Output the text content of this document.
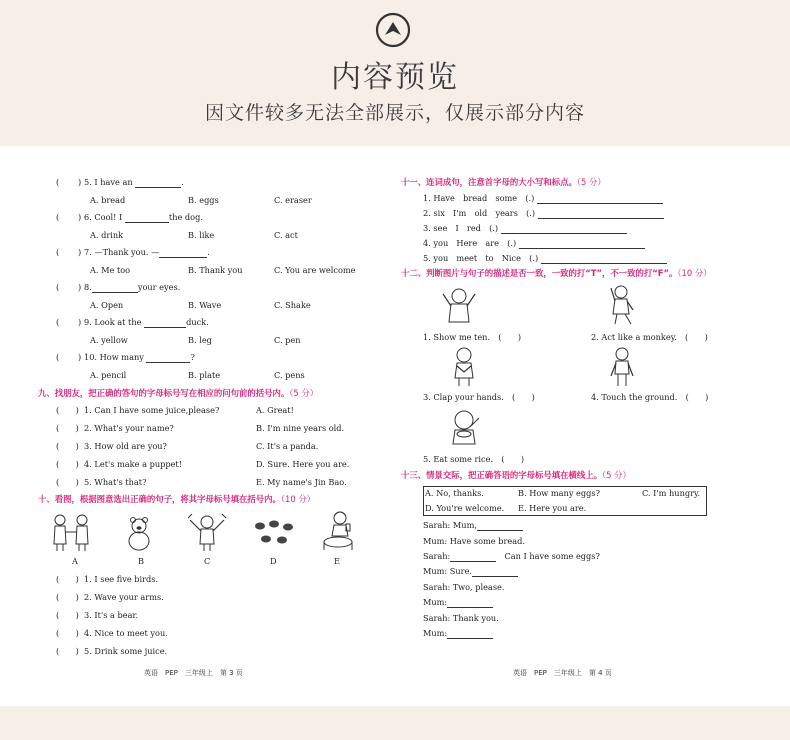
内容预览
因文件较多无法全部展示，仅展示部分内容
( ) 5. I have an	.
A. bread	B. eggs	C. eraser
( ) 6. Cool! I	the dog.
A. drink	B. like	C. act
( ) 7. —Thank you. —	.
A. Me too	B. Thank you	C. You are welcome
( ) 8.	your eyes.
A. Open	B. Wave	C. Shake
( ) 9. Look at the	duck.
A. yellow	B. leg	C. pen
( ) 10. How many	?
A. pencil	B. plate	C. pens
九、找朋友，把正确的答句的字母标号写在相应的问句前的括号内。（5 分）
(　　) 1. Can I have some juice,please?	A. Great!
(　　) 2. What's your name?	B. I'm nine years old.
(　　) 3. How old are you?	C. It's a panda.
(　　) 4. Let's make a puppet!	D. Sure. Here you are.
(　　) 5. What's that?	E. My name's Jin Bao.
十、看图，根据图意选出正确的句子，将其字母标号填在括号内。（10 分）
A	B	C	D	E
(　　) 1. I see five birds.
(　　) 2. Wave your arms.
(　　) 3. It's a bear.
(　　) 4. Nice to meet you.
(　　) 5. Drink some juice.
英语　PEP　三年级上　第 3 页
十一、连词成句，注意首字母的大小写和标点。（5 分）
1. Have　bread　some　(.)
2. six　I'm　old　years　(.)
3. see　I　red　(.)
4. you　Here　are　(.)
5. you　meet　to　Nice　(.)
十二、判断图片与句子的描述是否一致，一致的打“T”，不一致的打“F”。（10 分）
1. Show me ten.　(　　)	2. Act like a monkey.　(　　)
3. Clap your hands.　(　　)	4. Touch the ground.　(　　)
5. Eat some rice.　(　　)
十三、情景交际，把正确答语的字母标号填在横线上。（5 分）
A. No, thanks.	B. How many eggs?	C. I'm hungry.
D. You're welcome. E. Here you are.
Sarah: Mum,
Mum: Have some bread.
Sarah:	　Can I have some eggs?
Mum: Sure.
Sarah: Two, please.
Mum:
Sarah: Thank you.
Mum:
英语　PEP　三年级上　第 4 页
